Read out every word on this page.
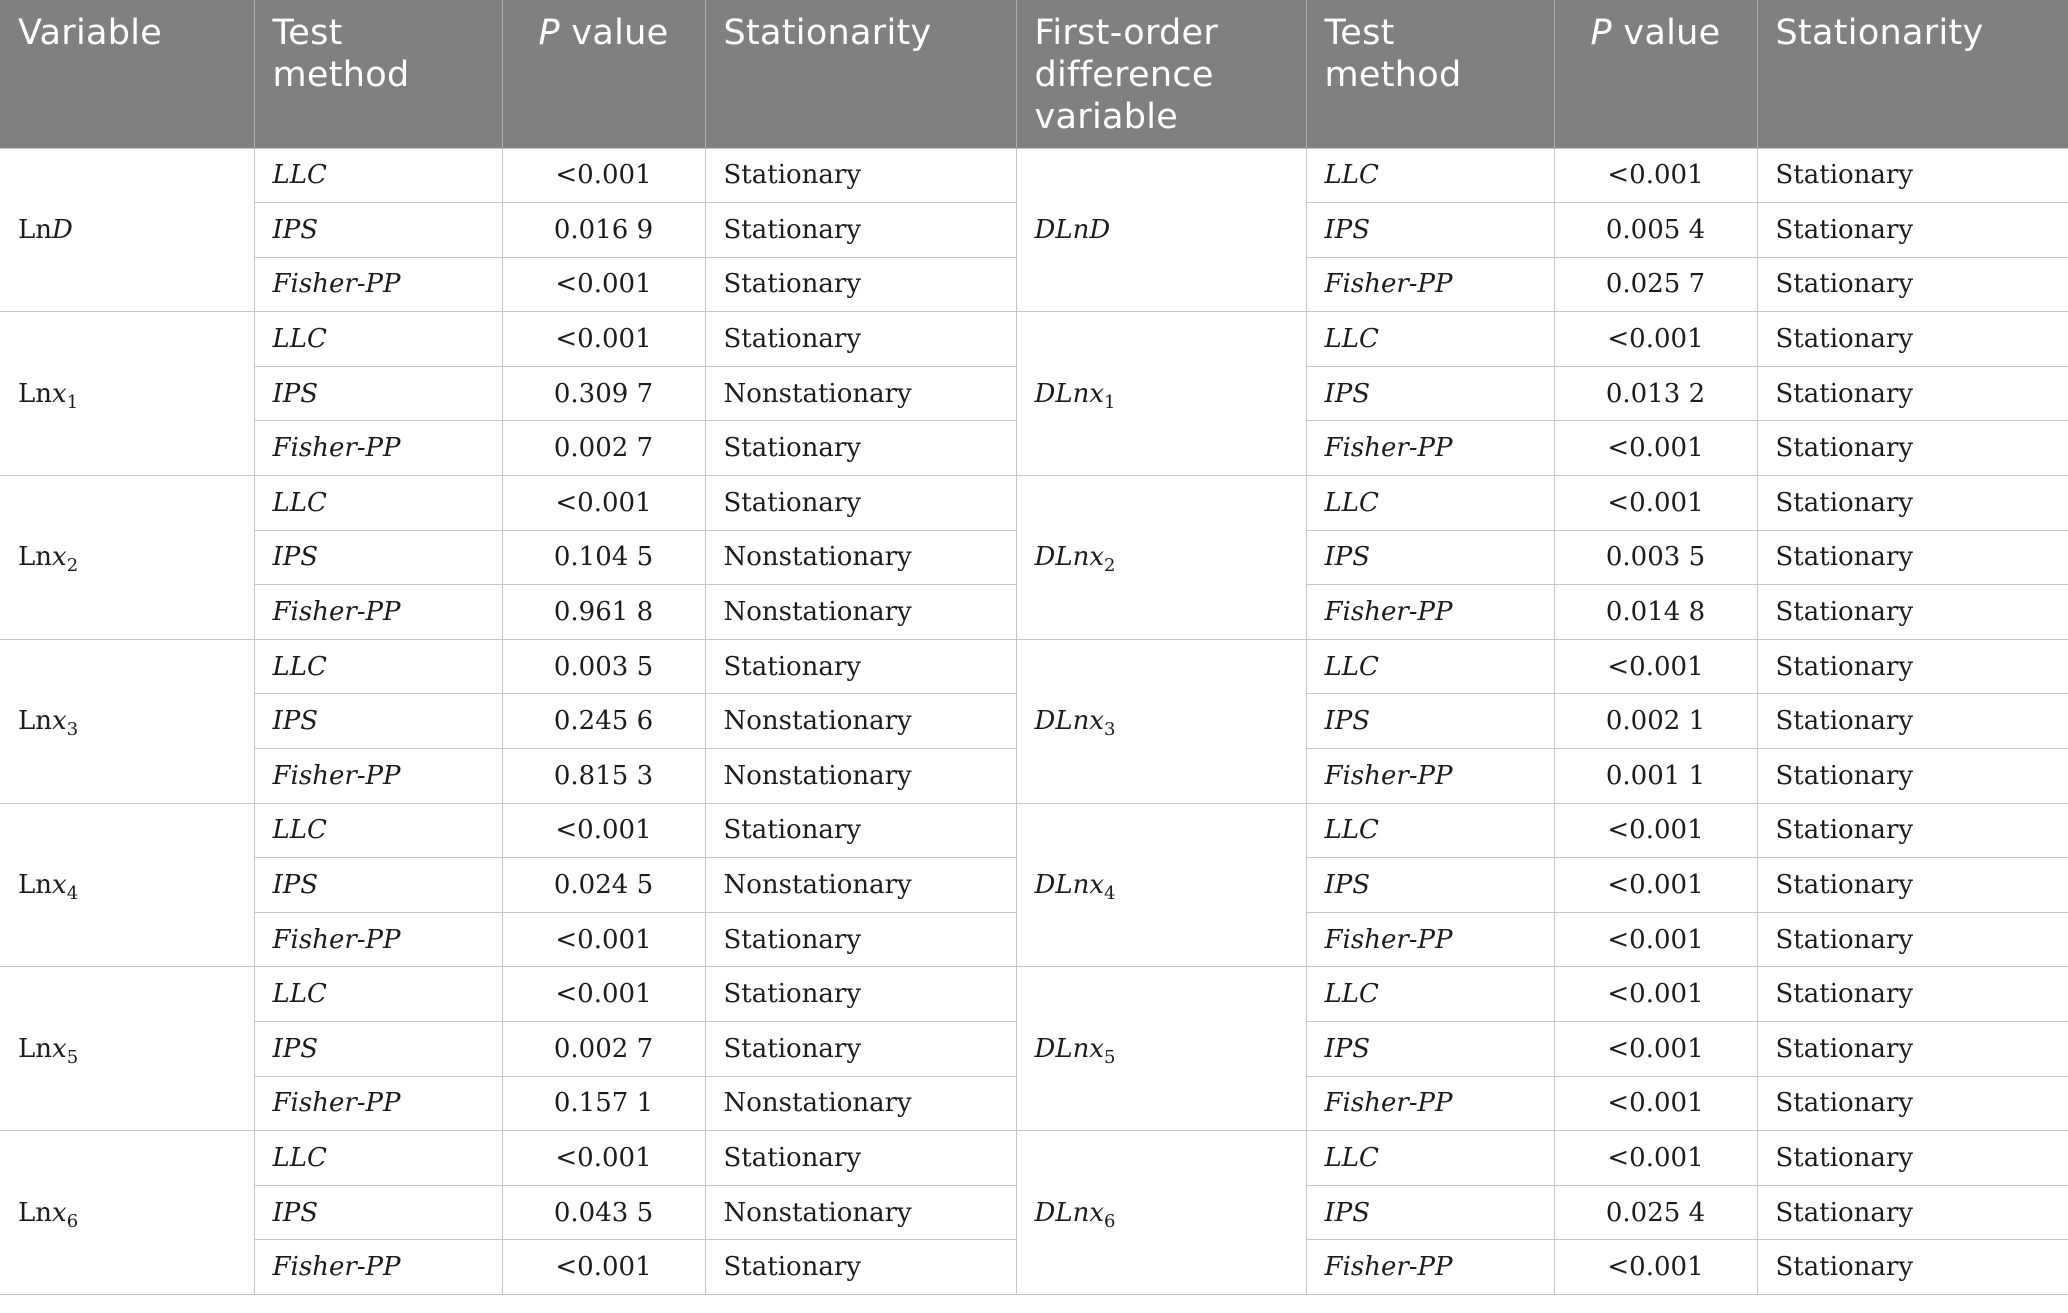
Variable	Test method	P value	Stationarity	First-order difference variable	Test method	P value	Stationarity
LnD	LLC	<0.001	Stationary	DLnD	LLC	<0.001	Stationary
	IPS	0.016 9	Stationary		IPS	0.005 4	Stationary
	Fisher-PP	<0.001	Stationary		Fisher-PP	0.025 7	Stationary
Lnx$_1$	LLC	<0.001	Stationary	DLnx$_1$	LLC	<0.001	Stationary
	IPS	0.309 7	Nonstationary		IPS	0.013 2	Stationary
	Fisher-PP	0.002 7	Stationary		Fisher-PP	<0.001	Stationary
Lnx$_2$	LLC	<0.001	Stationary	DLnx$_2$	LLC	<0.001	Stationary
	IPS	0.104 5	Nonstationary		IPS	0.003 5	Stationary
	Fisher-PP	0.961 8	Nonstationary		Fisher-PP	0.014 8	Stationary
Lnx$_3$	LLC	0.003 5	Stationary	DLnx$_3$	LLC	<0.001	Stationary
	IPS	0.245 6	Nonstationary		IPS	0.002 1	Stationary
	Fisher-PP	0.815 3	Nonstationary		Fisher-PP	0.001 1	Stationary
Lnx$_4$	LLC	<0.001	Stationary	DLnx$_4$	LLC	<0.001	Stationary
	IPS	0.024 5	Nonstationary		IPS	<0.001	Stationary
	Fisher-PP	<0.001	Stationary		Fisher-PP	<0.001	Stationary
Lnx$_5$	LLC	<0.001	Stationary	DLnx$_5$	LLC	<0.001	Stationary
	IPS	0.002 7	Stationary		IPS	<0.001	Stationary
	Fisher-PP	0.157 1	Nonstationary		Fisher-PP	<0.001	Stationary
Lnx$_6$	LLC	<0.001	Stationary	DLnx$_6$	LLC	<0.001	Stationary
	IPS	0.043 5	Nonstationary		IPS	0.025 4	Stationary
	Fisher-PP	<0.001	Stationary		Fisher-PP	<0.001	Stationary
